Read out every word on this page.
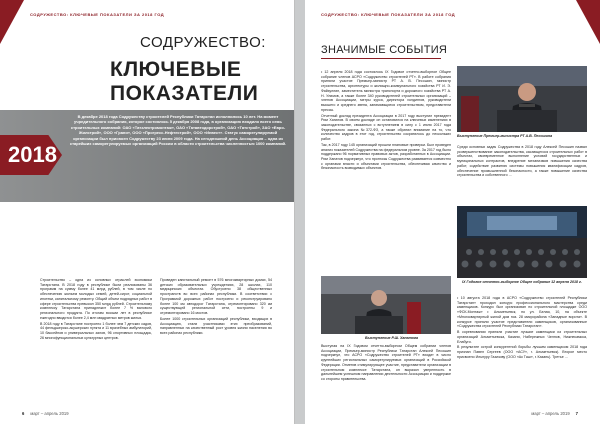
СОДРУЖЕСТВО: КЛЮЧЕВЫЕ ПОКАЗАТЕЛИ ЗА 2018 ГОД
СОДРУЖЕСТВО:
КЛЮЧЕВЫЕ ПОКАЗАТЕЛИ
2018
В декабре 2018 года Содружеству строителей Республики Татарстан исполнилось 10 лет. На момент учредительного собрания, которое состоялось 5 декабря 2008 года, в организацию входило всего семь строительных компаний: ОАО «Татэлектромонтаж», ОАО «Татавтодорстрой», ОАО «Татстрой», ЗАО «Евро-Жилстрой», ООО «Грани», ООО «Прогресс-Нефтестрой», ООО «Инвест». Статус саморегулируемой организации был присвоен Содружеству 23 июня 2009 года. На сегодняшний день Ассоциация – одна из старейших саморегулируемых организаций России в области строительства численностью 1000 компаний.

Строительство – одна из основных отраслей экономики Татарстана. В 2018 году в республике были реализованы 36 программ на сумму более 41 млрд рублей, в том числе по обеспечению жильем молодых семей, детей-сирот, социальной ипотеки, капитальному ремонту. Общий объем подрядных работ в сфере строительства превысил 350 млрд рублей. Строительному комплексу Татарстана принадлежит более 7 % валового регионального продукта. По итогам восьми лет в республике ежегодно вводится более 2,4 млн квадратных метров жилья.

В 2018 году в Татарстане построено 1 более чем 7 детских садов, 44 фельдшерско-акушерских пункта и 11 врачебных амбулаторий, 10 бассейнов и универсальных залов, 96 спортивных площадок, 26 многофункциональных культурных центров.

Проведен капитальный ремонт в 576 многоквартирных домах, 54 детских образовательных учреждениях, 28 школах, 110 медицинских объектах. Обустроено 38 общественных пространств во всех районах республики. В соответствии с Программой дорожных работ построено и реконструировано более 100 км автодорог Татарстана, отремонтировано 320 км существующей региональной сети, построены 9 и отремонтировано 16 мостов.

Более 1000 строительных организаций республики, входящих в Ассоциацию, стали участниками этих преобразований, направленных на качественный рост уровня жизни населения во всех районах республики.

6 март – апрель 2019
СОДРУЖЕСТВО: КЛЮЧЕВЫЕ ПОКАЗАТЕЛИ ЗА 2018 ГОД
ЗНАЧИМЫЕ СОБЫТИЯ

• 12 апреля 2018 года состоялось IX Годовое отчетно-выборное Общее собрание членов АСРО «Содружество строителей РТ». В работе собрания приняли участие Премьер-министр РТ А. В. Песошин, министр строительства, архитектуры и жилищно-коммунального хозяйства РТ И. Э. Файзуллин, заместитель министра транспорта и дорожного хозяйства РТ А. Н. Улимов, а также более 340 руководителей строительных организаций – членов Ассоциации, мэтры курса, директора холдингов, руководители высшего и среднего звена, занимающиеся строительством, представители прессы.

Отчетный доклад президента Ассоциации в 2017 году выступил президент Рим Хапатов. В своем докладе он остановился на ключевых изменениях в законодательстве, связанных с вступлением в силу с 1 июля 2017 года Федерального закона №372-ФЗ, а также обратил внимание на то, что количество кадров в этот год, строительство сократилось до нескольких работ.

Так, в 2017 году 145 организаций прошли плановые проверки. Был проведен анализ показателей Содружества на федеральном уровне. За 2017 год было поддержано 96 нормативных правовых актов, разработанных в Ассоциации. Рим Хапатов подчеркнул, что прогнозы Содружества развивается совместно с органами власти и объектами строительства, обеспечивая качество и безопасность возводимых объектов.

Выступление Премьер-министра РТ А.В. Песошина

Среди основных задач Содружества в 2018 году Алексей Песошин назвал усовершенствование законодательства, касающегося строительных работ в объектах, своевременное выполнение условий государственных и муниципальных контрактов, внедрение механизмов повышения качества работ, содействие развитию системы повышения квалификации кадров, обеспечение промышленной безопасности, а также повышение качества строительства и собственного ...

Выступление Р.Ш. Хапатова

Выступая на IX Годовом отчетно-выборном Общем собрании членов Ассоциации, Премьер-министр Республики Татарстан Алексей Песошин подчеркнул, что АСРО «Содружество строителей РТ» входит в число крупнейших региональных саморегулируемых организаций в Российской Федерации. Отметив стимулирующее участие, представители организации в строительном комплексе Татарстана, он выразил уверенность в дальнейшем успешном направлении деятельности Ассоциации и поддержке со стороны правительства.

IX Годовое отчетно-выборное Общее собрание 12 апреля 2018 г.

• 10 августа 2018 года в АСРО «Содружество строителей Республики Татарстан» проходил конкурс профессионального мастерства среди каменщиков. Конкурс был организован по строительной площадке ООО «ФСК-Монтаж» г. Альметьевск, по ул. Белая, 10, на объекте «Многоквартирный жилой дом поз. 28 микрорайона «Западные ворота». В конкурсе приняли участие представители каменщиков, организованные «Содружества строителей Республики Татарстан».

В соревновании приняли участие лучшие каменщики из строительных организаций Альметьевска, Казани, Набережных Челнов, Нижнекамска, Елабуги.

В результате острой конкурентной борьбы лучшим каменщиком 2018 года признан Павел Сергеев (ООО «АСУ», г. Альметьевск). Второе место присвоено Ильнуру Газизову (ООО «Ак Таш», г. Казань). Третье ...

март – апрель 2019 7
